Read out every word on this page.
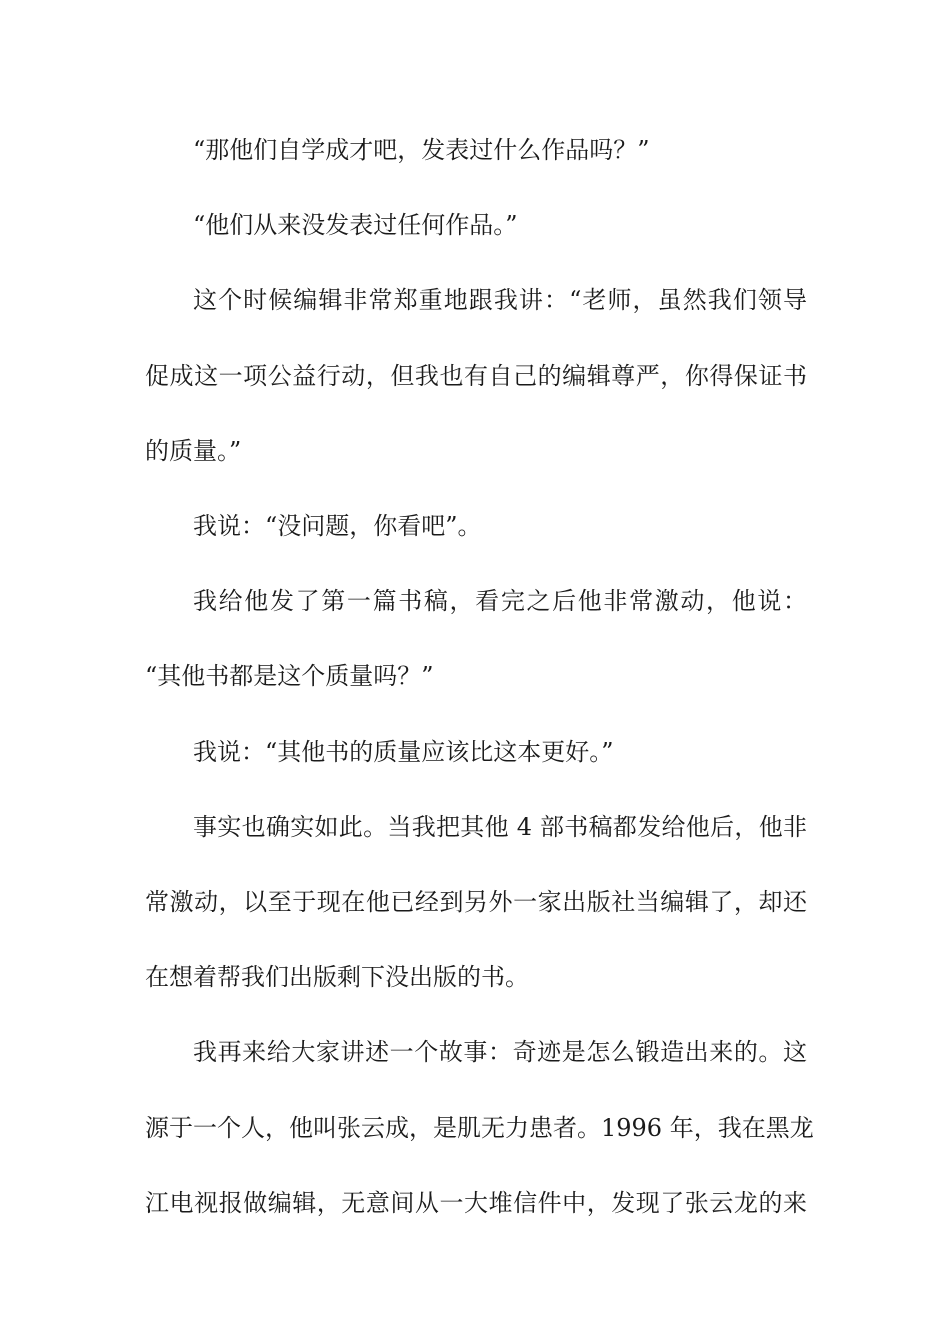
“那他们自学成才吧，发表过什么作品吗？”
“他们从来没发表过任何作品。”
这个时候编辑非常郑重地跟我讲：“老师，虽然我们领导
促成这一项公益行动，但我也有自己的编辑尊严，你得保证书
的质量。”
我说：“没问题，你看吧”。
我给他发了第一篇书稿，看完之后他非常激动，他说：
“其他书都是这个质量吗？”
我说：“其他书的质量应该比这本更好。”
事实也确实如此。当我把其他 4 部书稿都发给他后，他非
常激动，以至于现在他已经到另外一家出版社当编辑了，却还
在想着帮我们出版剩下没出版的书。
我再来给大家讲述一个故事：奇迹是怎么锻造出来的。这
源于一个人，他叫张云成，是肌无力患者。1996 年，我在黑龙
江电视报做编辑，无意间从一大堆信件中，发现了张云龙的来
